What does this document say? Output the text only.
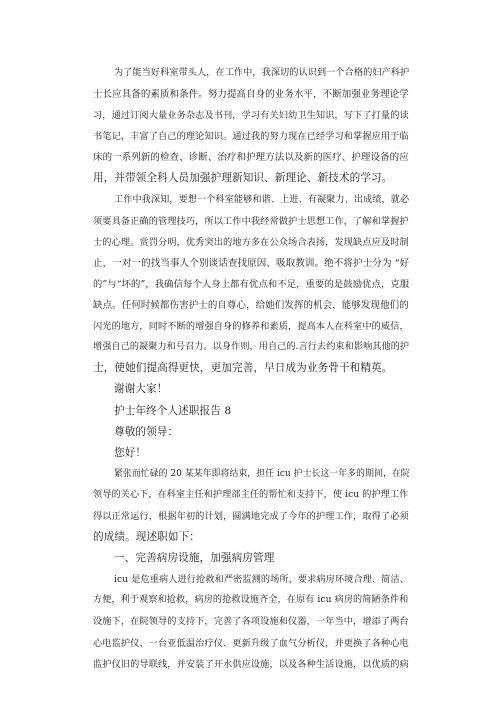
为了能当好科室带头人，在工作中，我深切的认识到一个合格的妇产科护
士长应具备的素质和条件。努力提高自身的业务水平，不断加强业务理论学
习，通过订阅大量业务杂志及书刊，学习有关妇幼卫生知识，写下了打量的读
书笔记，丰富了自己的理论知识。通过我的努力现在已经学习和掌握应用于临
床的一系列新的检查、诊断、治疗和护理方法以及新的医疗、护理设备的应
用，并带领全科人员加强护理新知识、新理论、新技术的学习。
工作中我深知，要想一个科室能够和谐、上进、有凝聚力、出成绩，就必
须要具备正确的管理技巧，所以工作中我经常做护士思想工作，了解和掌握护
士的心理。赏罚分明，优秀突出的地方多在公众场合表扬，发现缺点应及时制
止，一对一的找当事人个别谈话查找原因、吸取教训。绝不将护士分为 “好
的”与“坏的”，我确信每个人身上都有优点和不足，重要的是鼓励优点，克服
缺点。任何时候都伤害护士的自尊心，给她们发挥的机会，能够发现他们的
闪光的地方，同时不断的增强自身的修养和素质，提高本人在科室中的威信，
增强自己的凝聚力和号召力。以身作则，用自己的.言行去约束和影响其他的护
士，使她们提高得更快，更加完善，早日成为业务骨干和精英。
谢谢大家！
护士年终个人述职报告 8
尊敬的领导：
您好！
紧张而忙碌的 20 某某年即将结束，担任 icu 护士长这一年多的期间，在院
领导的关心下，在科室主任和护理部主任的帮忙和支持下，使 icu 的护理工作
得以正常运行，根据年初的计划，圆满地完成了今年的护理工作，取得了必须
的成绩。现述职如下：
一、完善病房设施，加强病房管理
icu 是危重病人进行抢救和严密监测的场所，要求病房环境合理、简洁、
方便，利于观察和抢救，病房的抢救设施齐全，在原有 icu 病房的简陋条件和
设施下，在院领导的支持下，完善了各项设施和仪器，一年当中，增添了两台
心电监护仪、一台亚低温治疗仪、更新升级了血气分析仪，并更换了各种心电
监护仪旧的导联线，并安装了开水供应设施，以及各种生活设施，以优质的病
